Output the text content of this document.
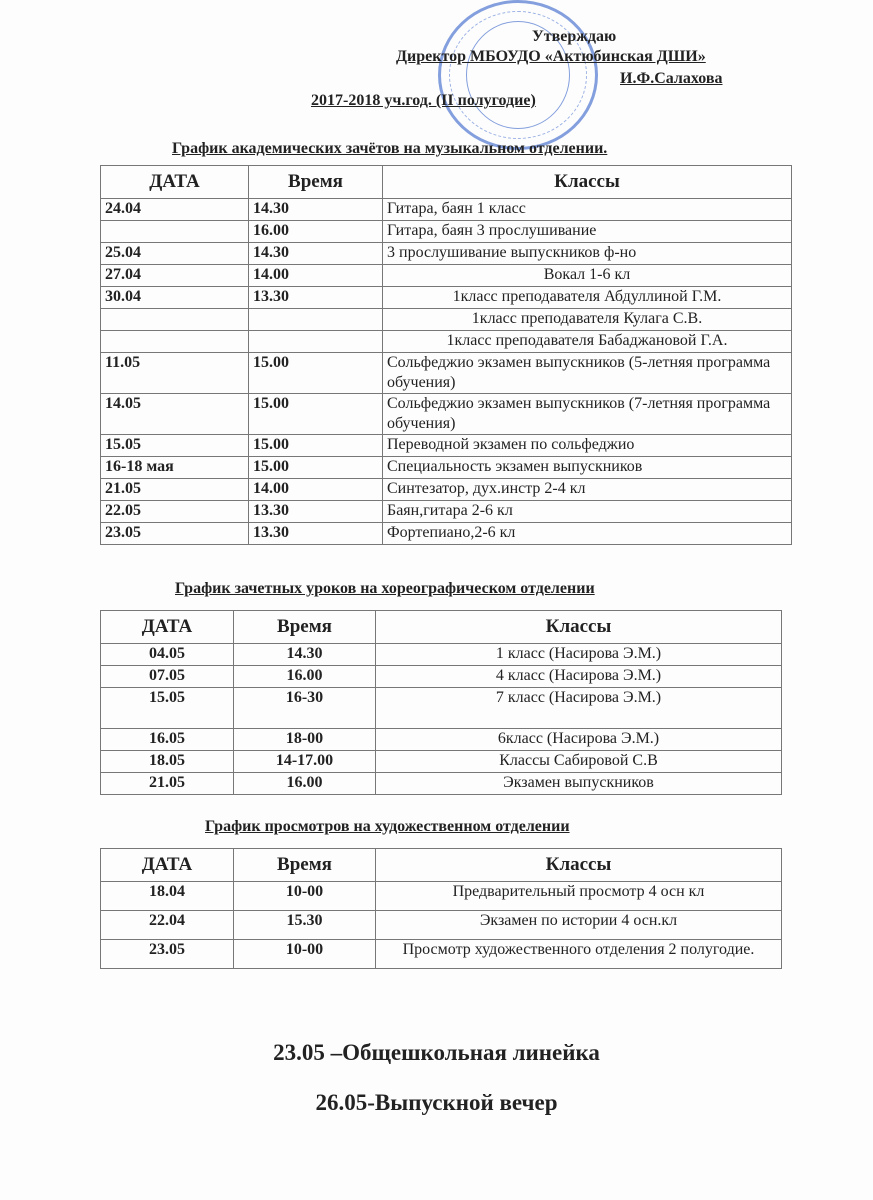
Утверждаю
Директор МБОУДО «Актюбинская ДШИ»
И.Ф.Салахова
2017-2018 уч.год. (II полугодие)
График академических зачётов на музыкальном отделении.
ДАТА	Время	Классы
24.04	14.30	Гитара, баян 1 класс
	16.00	Гитара, баян 3 прослушивание
25.04	14.30	3 прослушивание выпускников ф-но
27.04	14.00	Вокал 1-6 кл
30.04	13.30	1класс преподавателя Абдуллиной Г.М.
		1класс преподавателя Кулага С.В.
		1класс преподавателя Бабаджановой Г.А.
11.05	15.00	Сольфеджио экзамен выпускников (5-летняя программа обучения)
14.05	15.00	Сольфеджио экзамен выпускников (7-летняя программа обучения)
15.05	15.00	Переводной экзамен по сольфеджио
16-18 мая	15.00	Специальность экзамен выпускников
21.05	14.00	Синтезатор, дух.инстр 2-4 кл
22.05	13.30	Баян,гитара 2-6 кл
23.05	13.30	Фортепиано,2-6 кл
График зачетных уроков на хореографическом отделении
ДАТА	Время	Классы
04.05	14.30	1 класс (Насирова Э.М.)
07.05	16.00	4 класс (Насирова Э.М.)
15.05	16-30	7 класс (Насирова Э.М.)
16.05	18-00	6класс (Насирова Э.М.)
18.05	14-17.00	Классы Сабировой С.В
21.05	16.00	Экзамен выпускников
График просмотров на художественном отделении
ДАТА	Время	Классы
18.04	10-00	Предварительный просмотр 4 осн кл
22.04	15.30	Экзамен по истории 4 осн.кл
23.05	10-00	Просмотр художественного отделения 2 полугодие.
23.05 –Общешкольная линейка
26.05-Выпускной вечер
